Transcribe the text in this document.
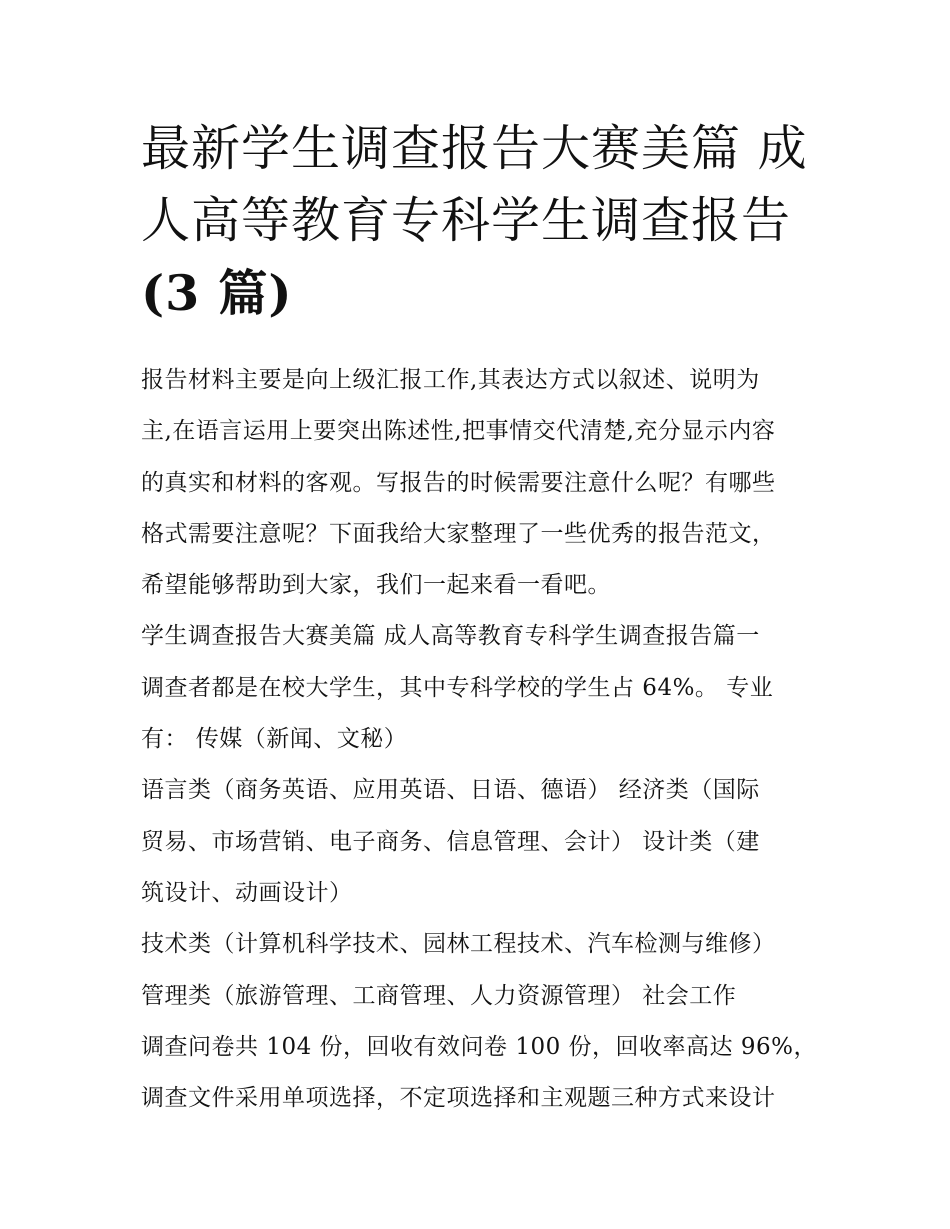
最新学生调查报告大赛美篇 成
人高等教育专科学生调查报告
(3 篇)
报告材料主要是向上级汇报工作,其表达方式以叙述、说明为
主,在语言运用上要突出陈述性,把事情交代清楚,充分显示内容
的真实和材料的客观。写报告的时候需要注意什么呢？有哪些
格式需要注意呢？下面我给大家整理了一些优秀的报告范文，
希望能够帮助到大家，我们一起来看一看吧。
学生调查报告大赛美篇 成人高等教育专科学生调查报告篇一
调查者都是在校大学生，其中专科学校的学生占 64%。 专业
有： 传媒（新闻、文秘）
语言类（商务英语、应用英语、日语、德语） 经济类（国际
贸易、市场营销、电子商务、信息管理、会计） 设计类（建
筑设计、动画设计）
技术类（计算机科学技术、园林工程技术、汽车检测与维修）
管理类（旅游管理、工商管理、人力资源管理） 社会工作
调查问卷共 104 份，回收有效问卷 100 份，回收率高达 96%，
调查文件采用单项选择，不定项选择和主观题三种方式来设计
